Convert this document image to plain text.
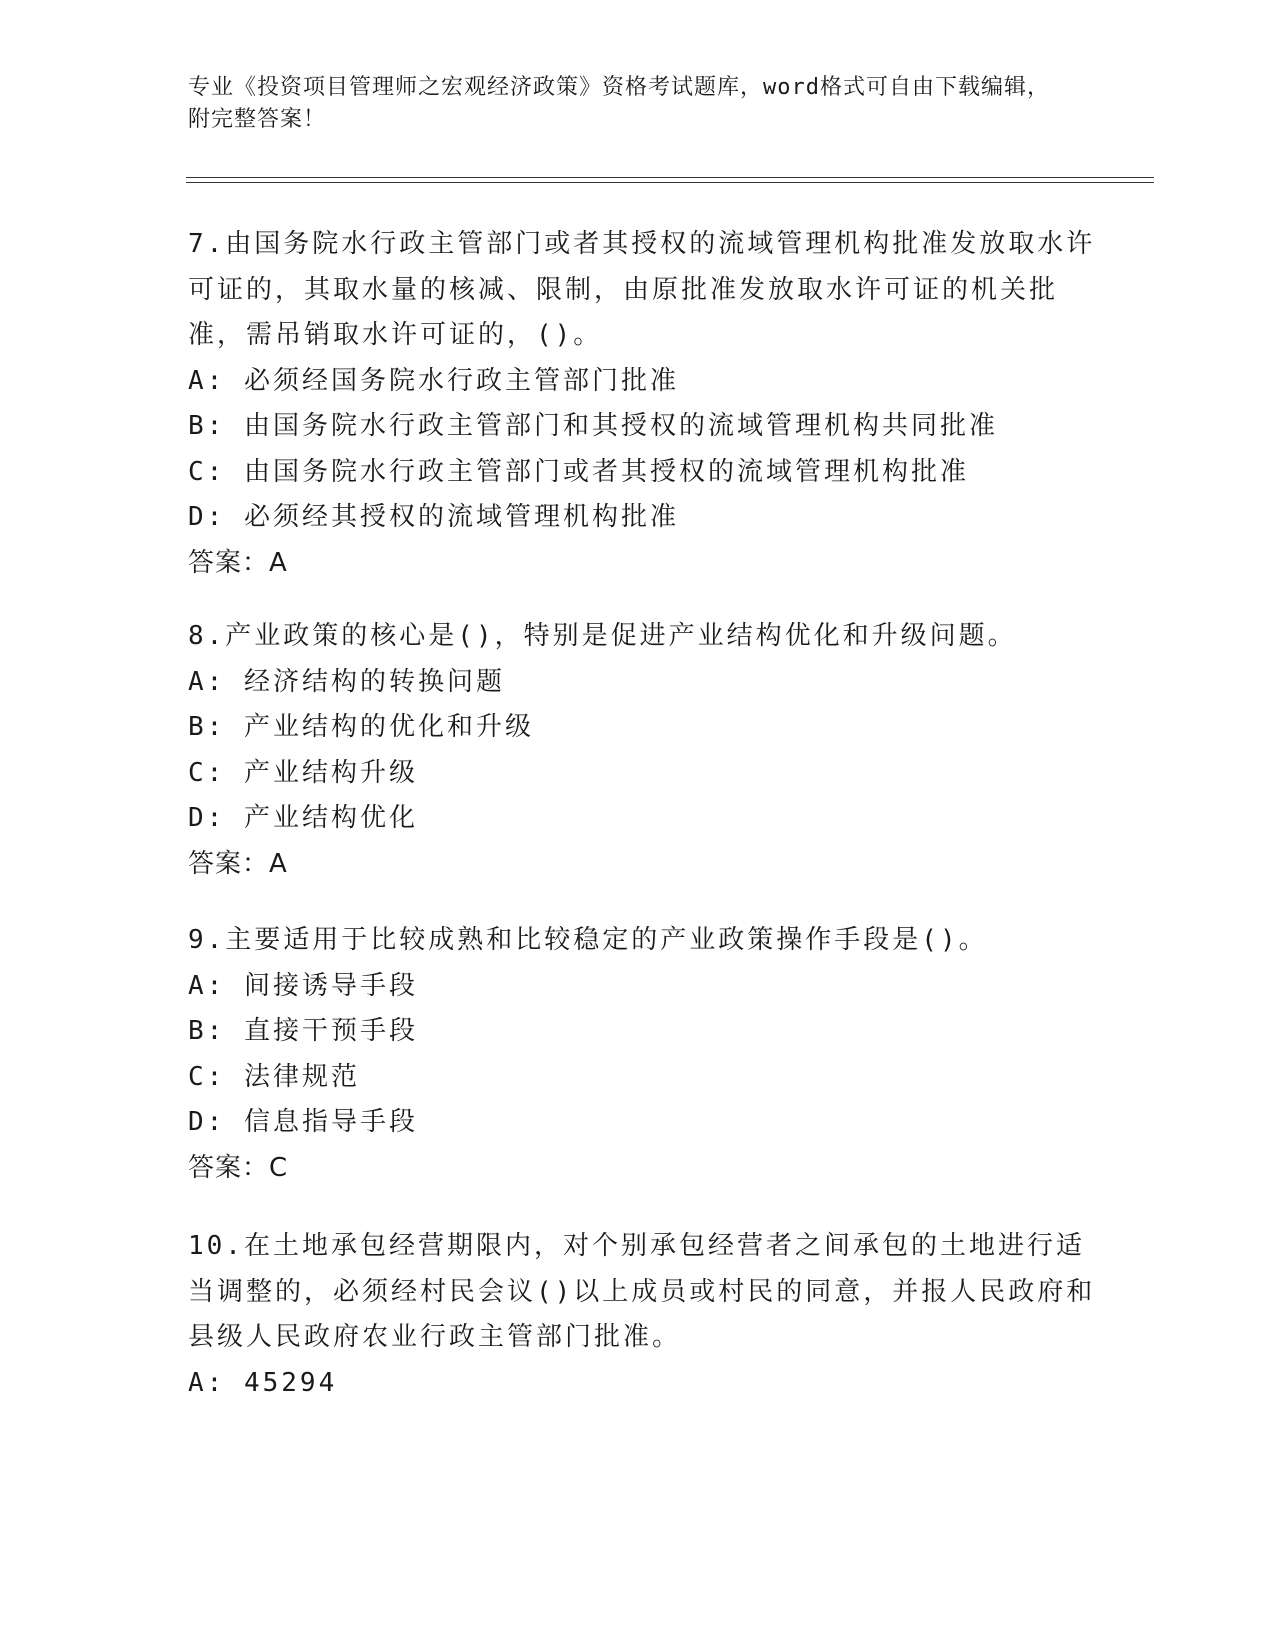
专业《投资项目管理师之宏观经济政策》资格考试题库，word格式可自由下载编辑，附完整答案！
7.由国务院水行政主管部门或者其授权的流域管理机构批准发放取水许可证的，其取水量的核减、限制，由原批准发放取水许可证的机关批准，需吊销取水许可证的，()。
A: 必须经国务院水行政主管部门批准
B: 由国务院水行政主管部门和其授权的流域管理机构共同批准
C: 由国务院水行政主管部门或者其授权的流域管理机构批准
D: 必须经其授权的流域管理机构批准
答案：A
8.产业政策的核心是()，特别是促进产业结构优化和升级问题。
A: 经济结构的转换问题
B: 产业结构的优化和升级
C: 产业结构升级
D: 产业结构优化
答案：A
9.主要适用于比较成熟和比较稳定的产业政策操作手段是()。
A: 间接诱导手段
B: 直接干预手段
C: 法律规范
D: 信息指导手段
答案：C
10.在土地承包经营期限内，对个别承包经营者之间承包的土地进行适当调整的，必须经村民会议()以上成员或村民的同意，并报人民政府和县级人民政府农业行政主管部门批准。
A: 45294
